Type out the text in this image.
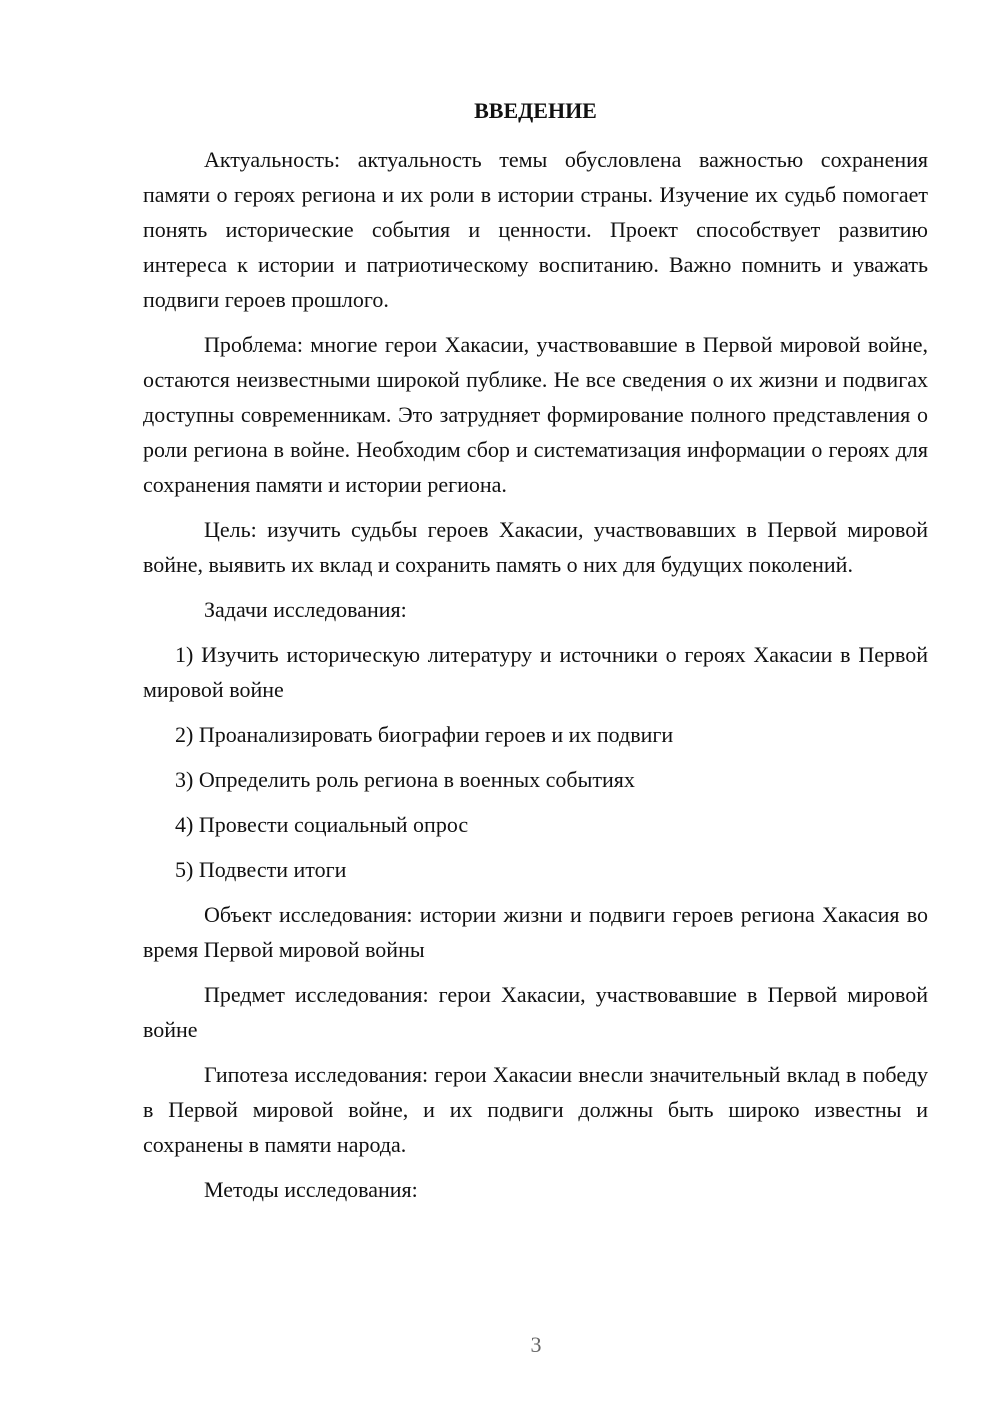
ВВЕДЕНИЕ

Актуальность: актуальность темы обусловлена важностью сохранения памяти о героях региона и их роли в истории страны. Изучение их судьб помогает понять исторические события и ценности. Проект способствует развитию интереса к истории и патриотическому воспитанию. Важно помнить и уважать подвиги героев прошлого.

Проблема: многие герои Хакасии, участвовавшие в Первой мировой войне, остаются неизвестными широкой публике. Не все сведения о их жизни и подвигах доступны современникам. Это затрудняет формирование полного представления о роли региона в войне. Необходим сбор и систематизация информации о героях для сохранения памяти и истории региона.

Цель: изучить судьбы героев Хакасии, участвовавших в Первой мировой войне, выявить их вклад и сохранить память о них для будущих поколений.

Задачи исследования:

1) Изучить историческую литературу и источники о героях Хакасии в Первой мировой войне
2) Проанализировать биографии героев и их подвиги
3) Определить роль региона в военных событиях
4) Провести социальный опрос
5) Подвести итоги

Объект исследования: истории жизни и подвиги героев региона Хакасия во время Первой мировой войны

Предмет исследования: герои Хакасии, участвовавшие в Первой мировой войне

Гипотеза исследования: герои Хакасии внесли значительный вклад в победу в Первой мировой войне, и их подвиги должны быть широко известны и сохранены в памяти народа.

Методы исследования:

3
